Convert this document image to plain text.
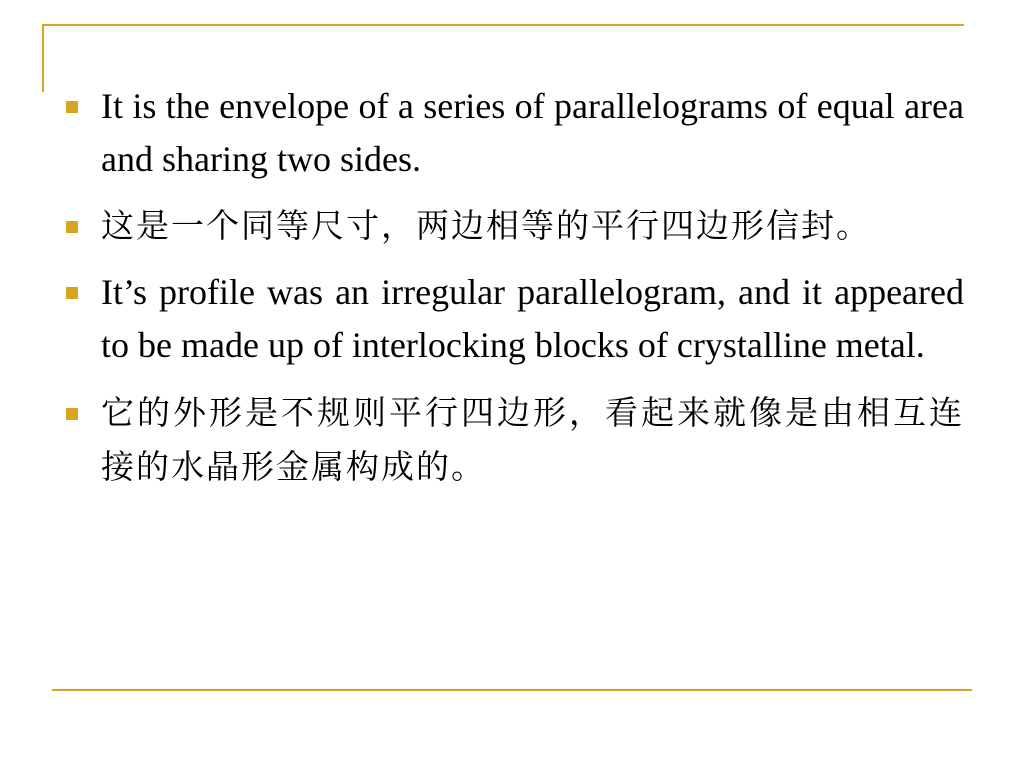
It is the envelope of a series of parallelograms of equal area and sharing two sides.
这是一个同等尺寸，两边相等的平行四边形信封。
It’s profile was an irregular parallelogram, and it appeared to be made up of interlocking blocks of crystalline metal.
它的外形是不规则平行四边形，看起来就像是由相互连接的水晶形金属构成的。
